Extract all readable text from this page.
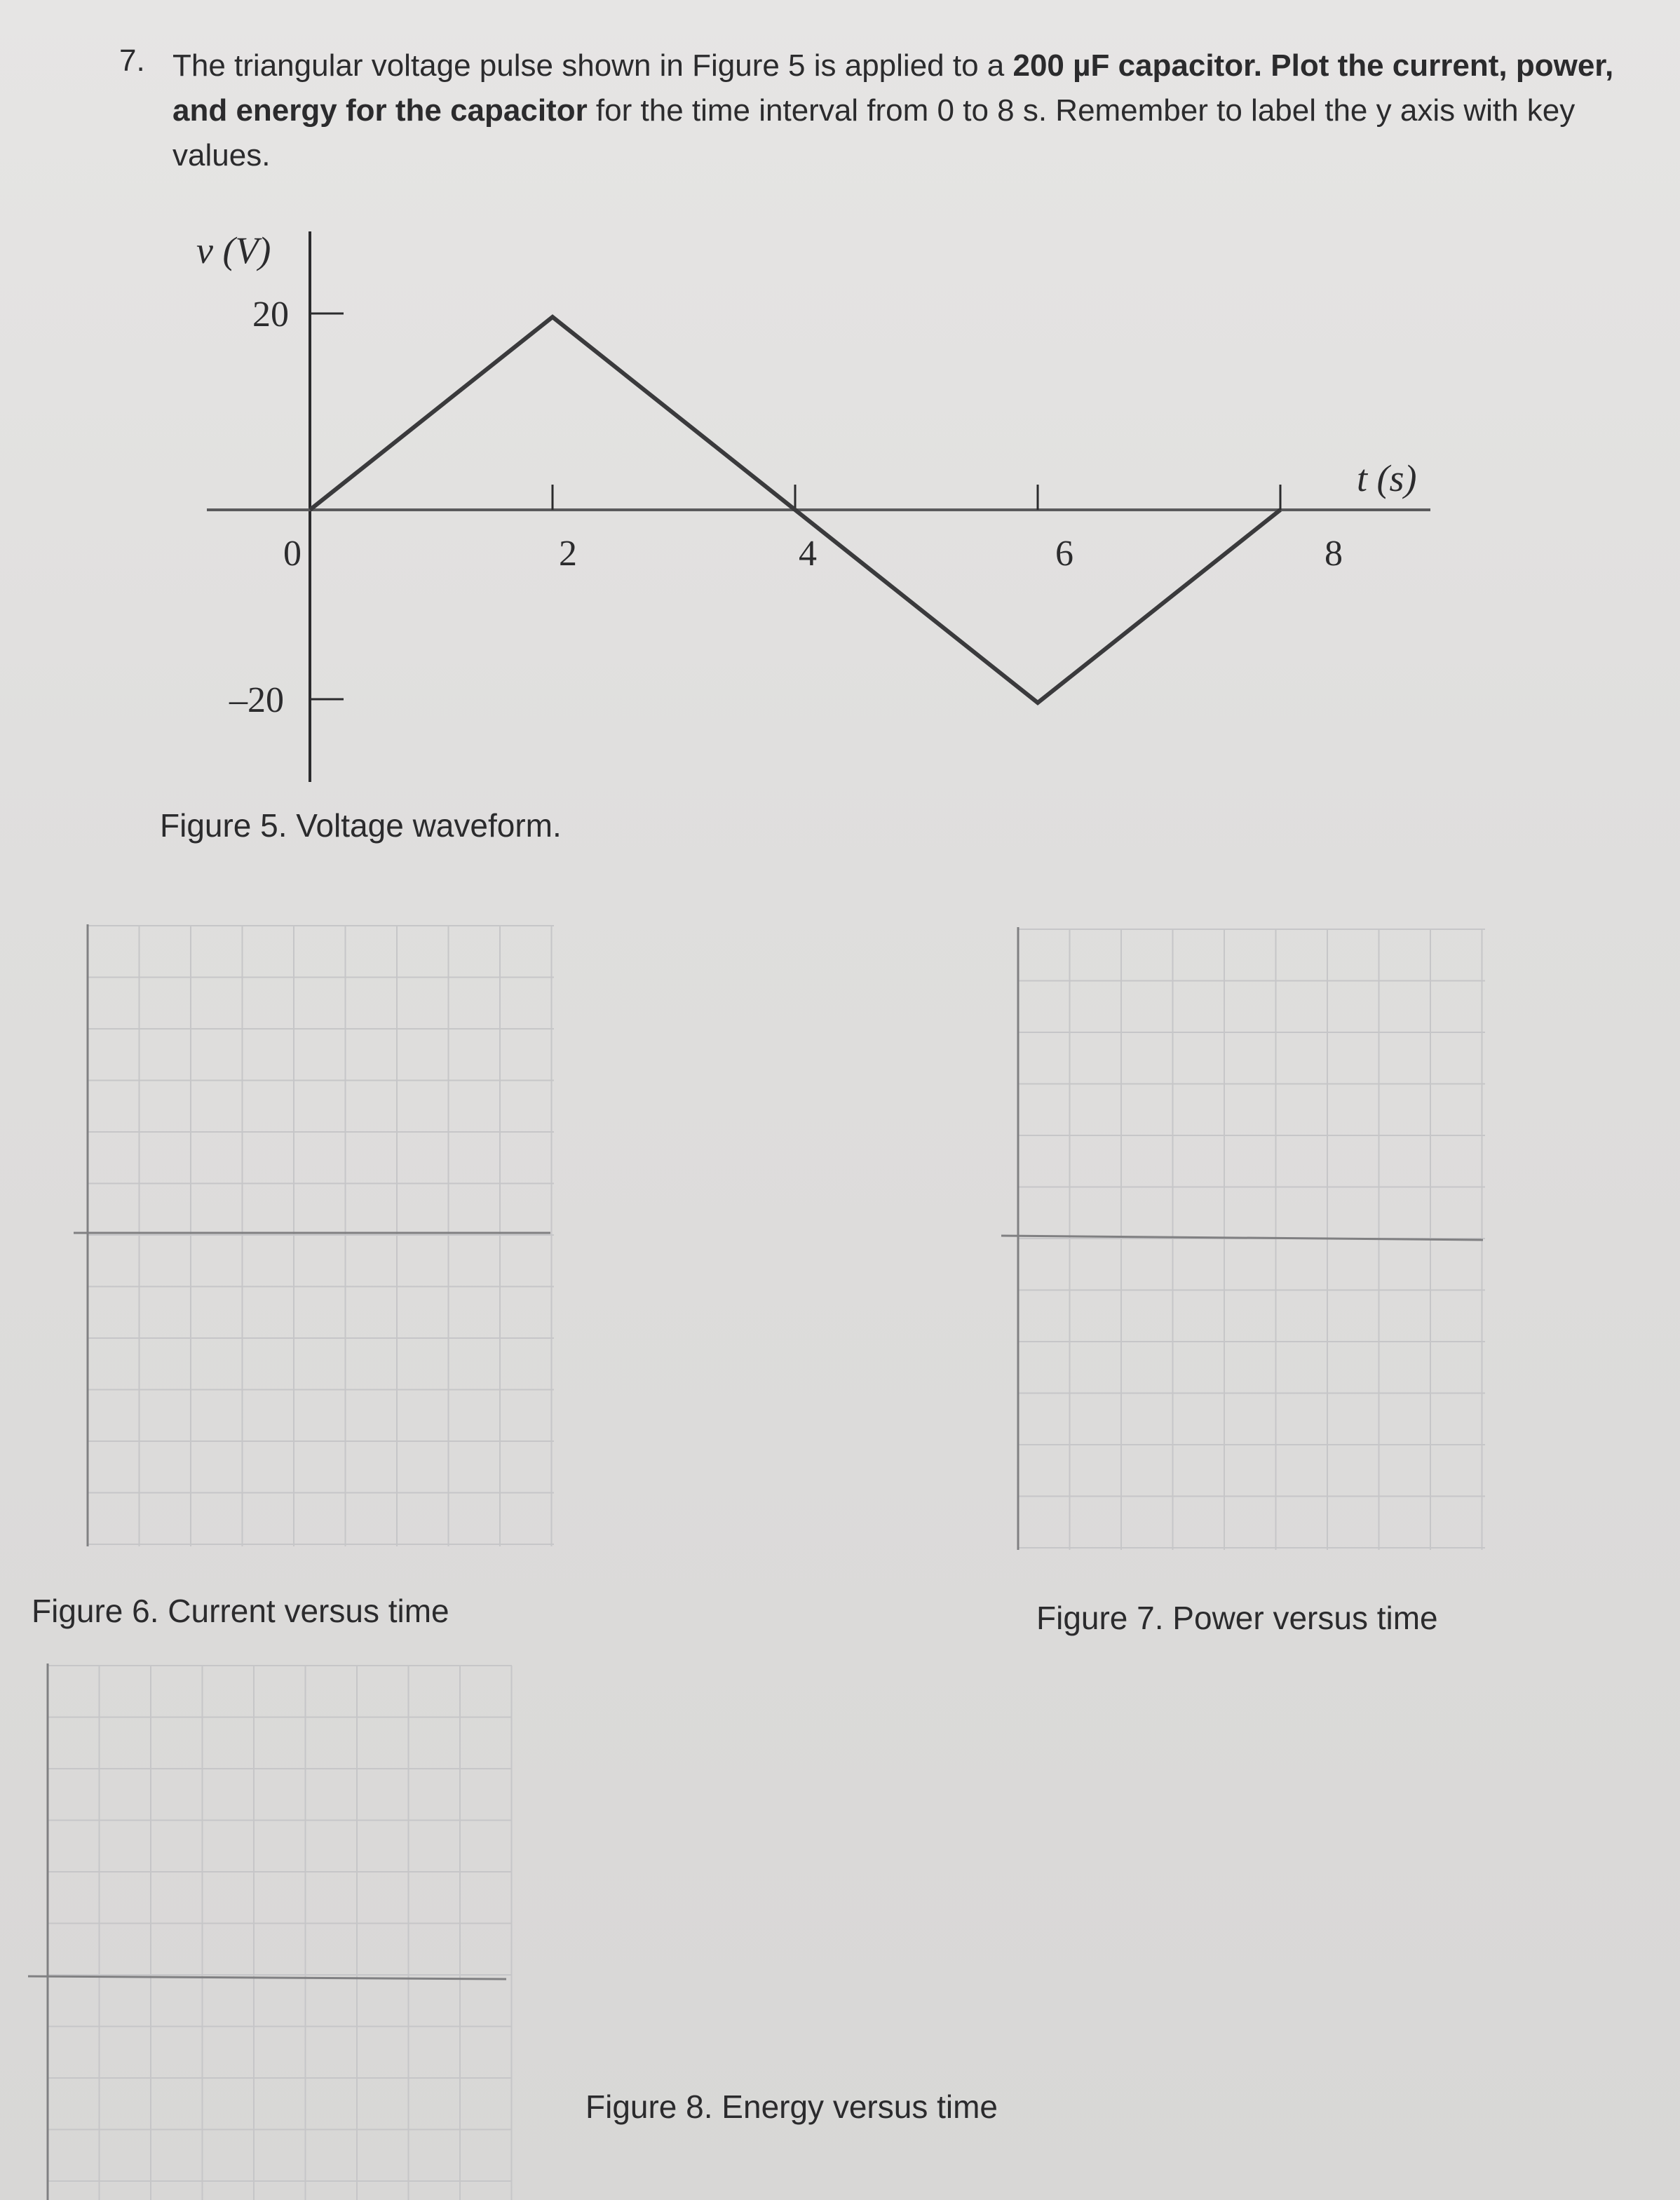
7. The triangular voltage pulse shown in Figure 5 is applied to a 200 µF capacitor. Plot the current, power, and energy for the capacitor for the time interval from 0 to 8 s. Remember to label the y axis with key values.
v (V)
20
0
–20
2	4	6	8
t (s)
Figure 5. Voltage waveform.
Figure 6. Current versus time	Figure 7. Power versus time
Figure 8. Energy versus time
